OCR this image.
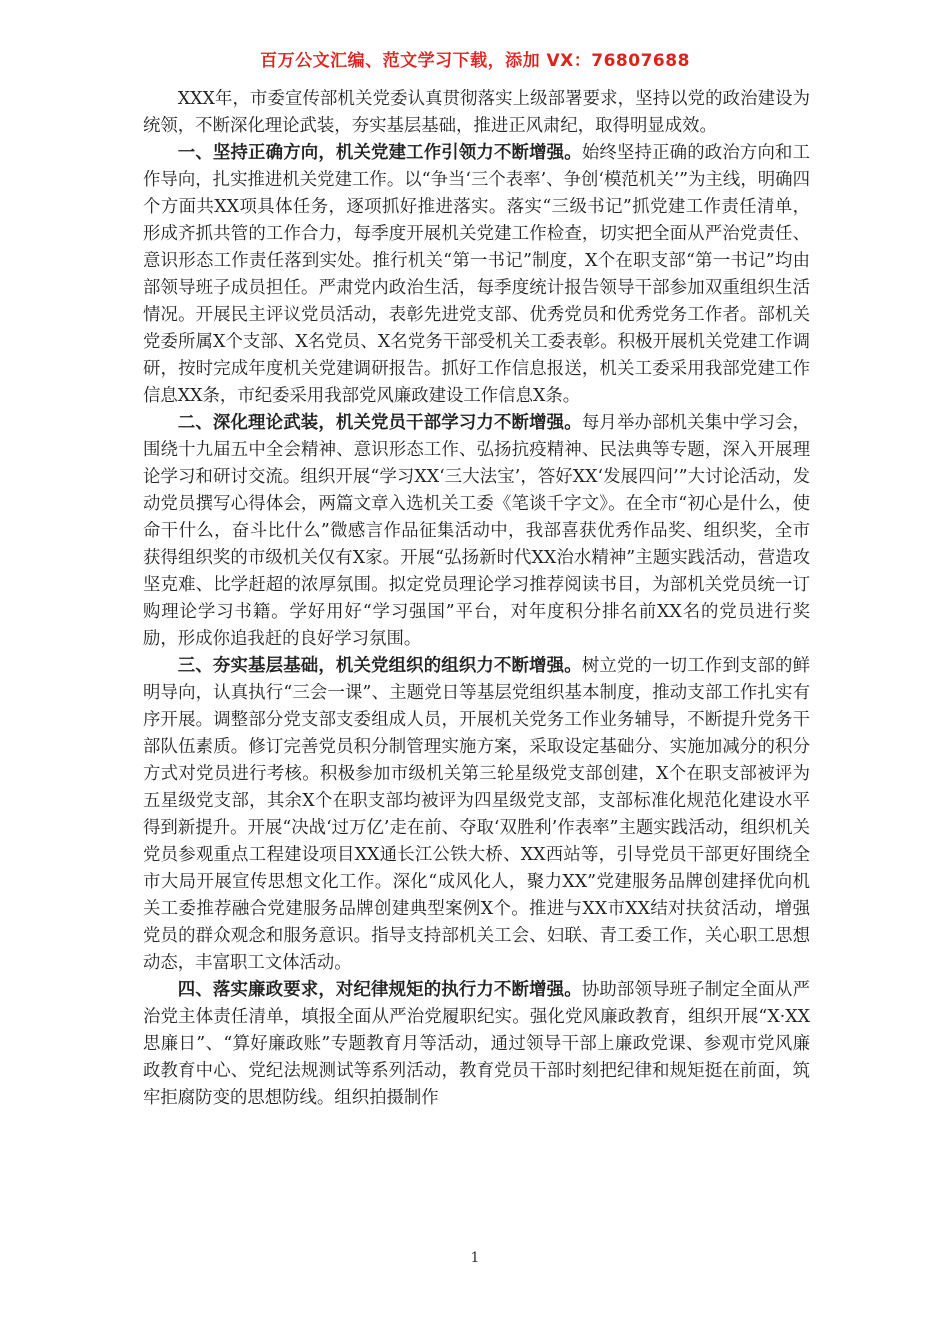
百万公文汇编、范文学习下载，添加 VX：76807688

XXX年，市委宣传部机关党委认真贯彻落实上级部署要求，坚持以党的政治建设为统领，不断深化理论武装，夯实基层基础，推进正风肃纪，取得明显成效。

一、坚持正确方向，机关党建工作引领力不断增强。始终坚持正确的政治方向和工作导向，扎实推进机关党建工作。以“争当‘三个表率’、争创‘模范机关’”为主线，明确四个方面共XX项具体任务，逐项抓好推进落实。落实“三级书记”抓党建工作责任清单，形成齐抓共管的工作合力，每季度开展机关党建工作检查，切实把全面从严治党责任、意识形态工作责任落到实处。推行机关“第一书记”制度，X个在职支部“第一书记”均由部领导班子成员担任。严肃党内政治生活，每季度统计报告领导干部参加双重组织生活情况。开展民主评议党员活动，表彰先进党支部、优秀党员和优秀党务工作者。部机关党委所属X个支部、X名党员、X名党务干部受机关工委表彰。积极开展机关党建工作调研，按时完成年度机关党建调研报告。抓好工作信息报送，机关工委采用我部党建工作信息XX条，市纪委采用我部党风廉政建设工作信息X条。

二、深化理论武装，机关党员干部学习力不断增强。每月举办部机关集中学习会，围绕十九届五中全会精神、意识形态工作、弘扬抗疫精神、民法典等专题，深入开展理论学习和研讨交流。组织开展“学习XX‘三大法宝’，答好XX‘发展四问’”大讨论活动，发动党员撰写心得体会，两篇文章入选机关工委《笔谈千字文》。在全市“初心是什么，使命干什么，奋斗比什么”微感言作品征集活动中，我部喜获优秀作品奖、组织奖，全市获得组织奖的市级机关仅有X家。开展“弘扬新时代XX治水精神”主题实践活动，营造攻坚克难、比学赶超的浓厚氛围。拟定党员理论学习推荐阅读书目，为部机关党员统一订购理论学习书籍。学好用好“学习强国”平台，对年度积分排名前XX名的党员进行奖励，形成你追我赶的良好学习氛围。

三、夯实基层基础，机关党组织的组织力不断增强。树立党的一切工作到支部的鲜明导向，认真执行“三会一课”、主题党日等基层党组织基本制度，推动支部工作扎实有序开展。调整部分党支部支委组成人员，开展机关党务工作业务辅导，不断提升党务干部队伍素质。修订完善党员积分制管理实施方案，采取设定基础分、实施加减分的积分方式对党员进行考核。积极参加市级机关第三轮星级党支部创建，X个在职支部被评为五星级党支部，其余X个在职支部均被评为四星级党支部，支部标准化规范化建设水平得到新提升。开展“决战‘过万亿’走在前、夺取‘双胜利’作表率”主题实践活动，组织机关党员参观重点工程建设项目XX通长江公铁大桥、XX西站等，引导党员干部更好围绕全市大局开展宣传思想文化工作。深化“成风化人，聚力XX”党建服务品牌创建择优向机关工委推荐融合党建服务品牌创建典型案例X个。推进与XX市XX结对扶贫活动，增强党员的群众观念和服务意识。指导支持部机关工会、妇联、青工委工作，关心职工思想动态，丰富职工文体活动。

四、落实廉政要求，对纪律规矩的执行力不断增强。协助部领导班子制定全面从严治党主体责任清单，填报全面从严治党履职纪实。强化党风廉政教育，组织开展“X·XX思廉日”、“算好廉政账”专题教育月等活动，通过领导干部上廉政党课、参观市党风廉政教育中心、党纪法规测试等系列活动，教育党员干部时刻把纪律和规矩挺在前面，筑牢拒腐防变的思想防线。组织拍摄制作

1
